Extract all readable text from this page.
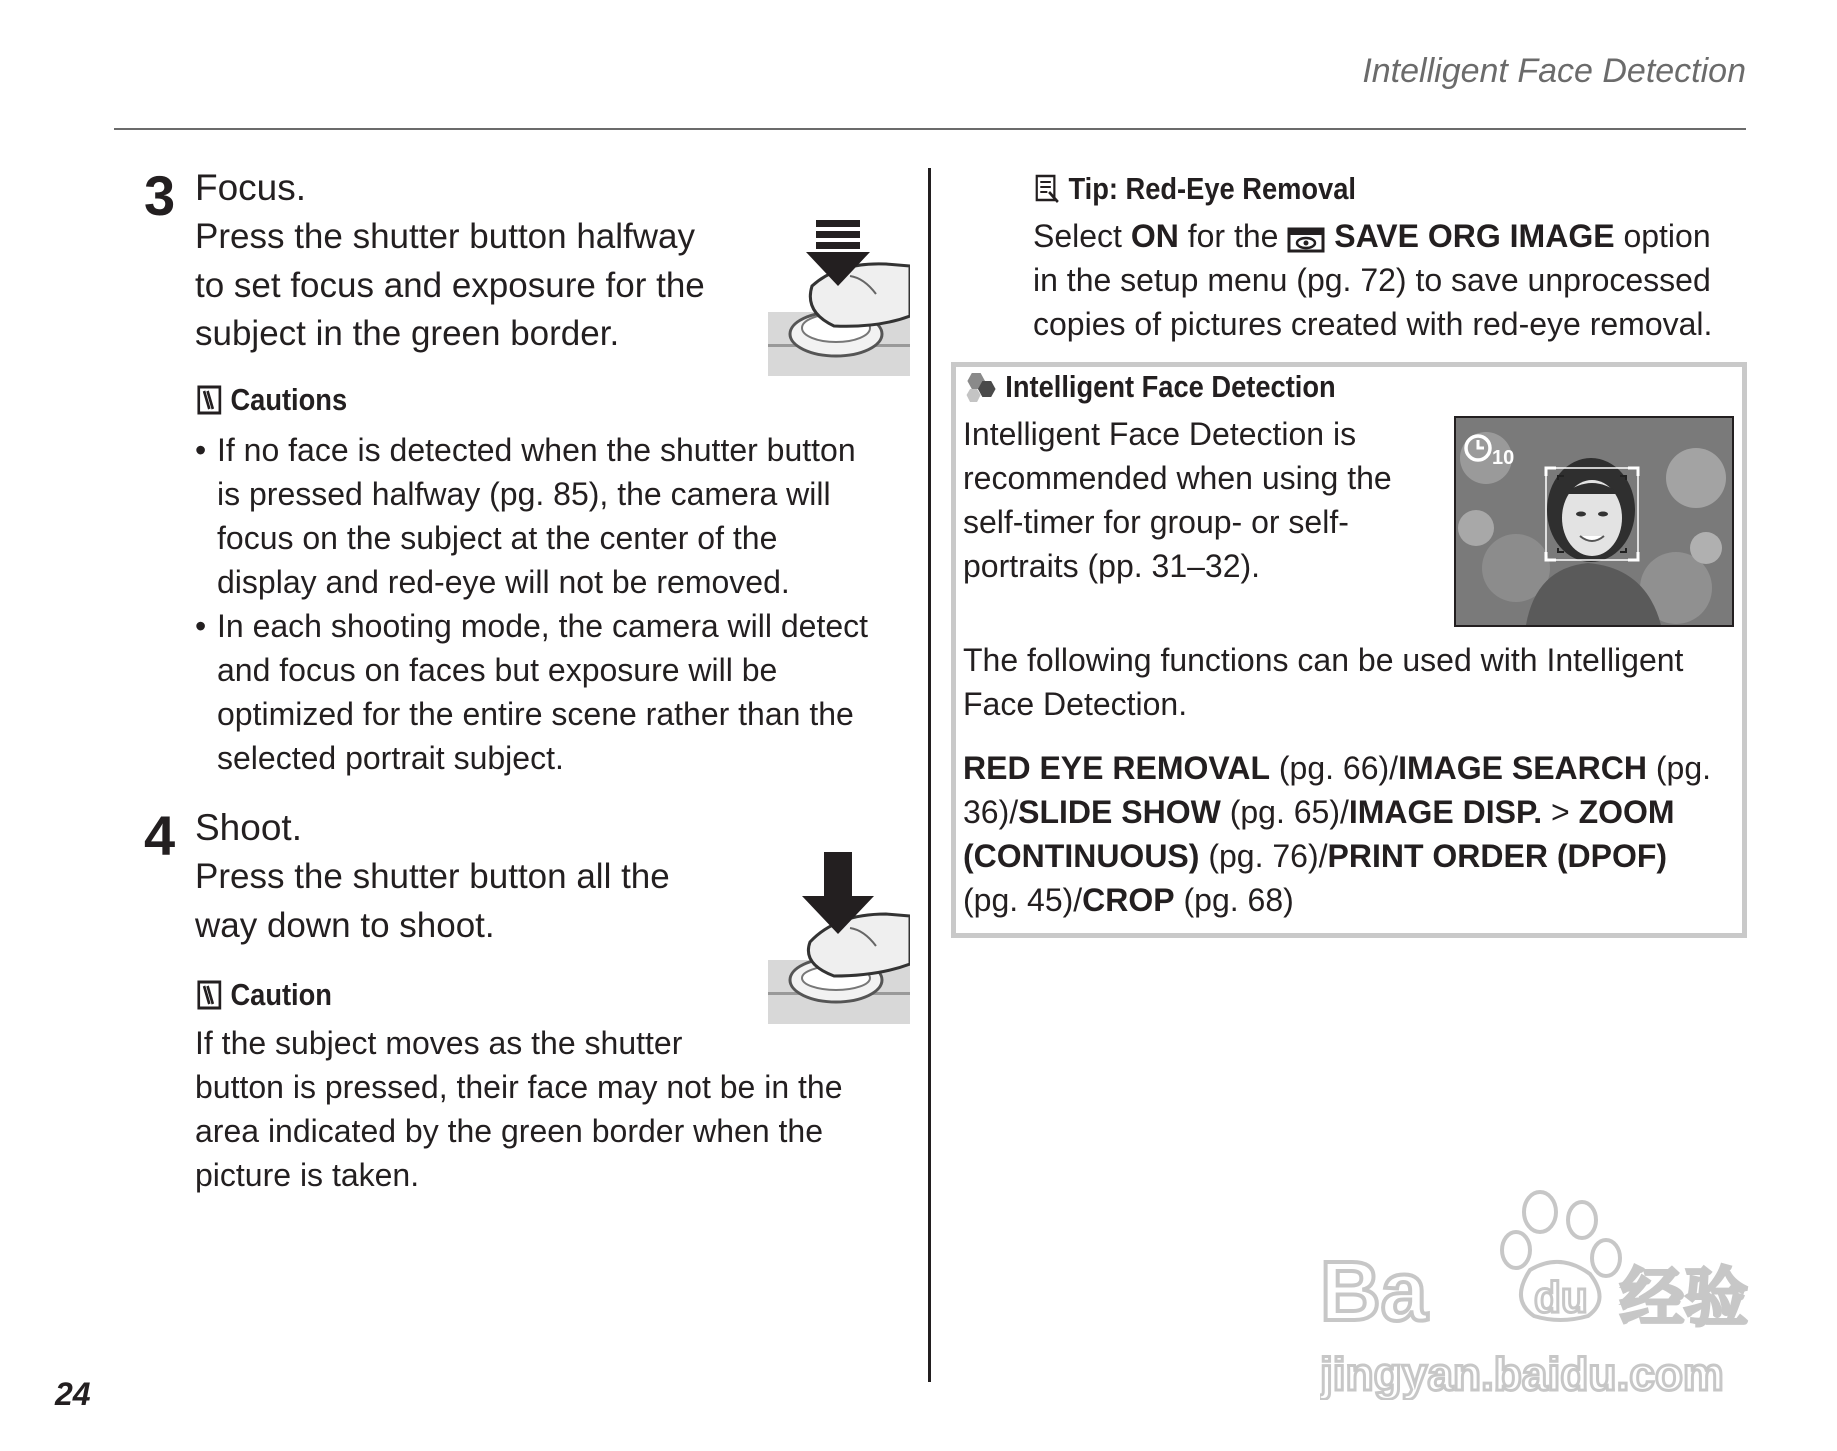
Intelligent Face Detection
3 Focus.
Press the shutter button halfway
to set focus and exposure for the
subject in the green border.
Cautions
• If no face is detected when the shutter button
is pressed halfway (pg. 85), the camera will
focus on the subject at the center of the
display and red-eye will not be removed.
• In each shooting mode, the camera will detect
and focus on faces but exposure will be
optimized for the entire scene rather than the
selected portrait subject.
4 Shoot.
Press the shutter button all the
way down to shoot.
Caution
If the subject moves as the shutter
button is pressed, their face may not be in the
area indicated by the green border when the
picture is taken.
Tip: Red-Eye Removal
Select ON for the  SAVE ORG IMAGE option
in the setup menu (pg. 72) to save unprocessed
copies of pictures created with red-eye removal.
Intelligent Face Detection
Intelligent Face Detection is
recommended when using the
self-timer for group- or self-
portraits (pp. 31–32).
10
The following functions can be used with Intelligent
Face Detection.
RED EYE REMOVAL (pg. 66)/IMAGE SEARCH (pg.
36)/SLIDE SHOW (pg. 65)/IMAGE DISP. > ZOOM
(CONTINUOUS) (pg. 76)/PRINT ORDER (DPOF)
(pg. 45)/CROP (pg. 68)
24
Ba du 经验
jingyan.baidu.com
